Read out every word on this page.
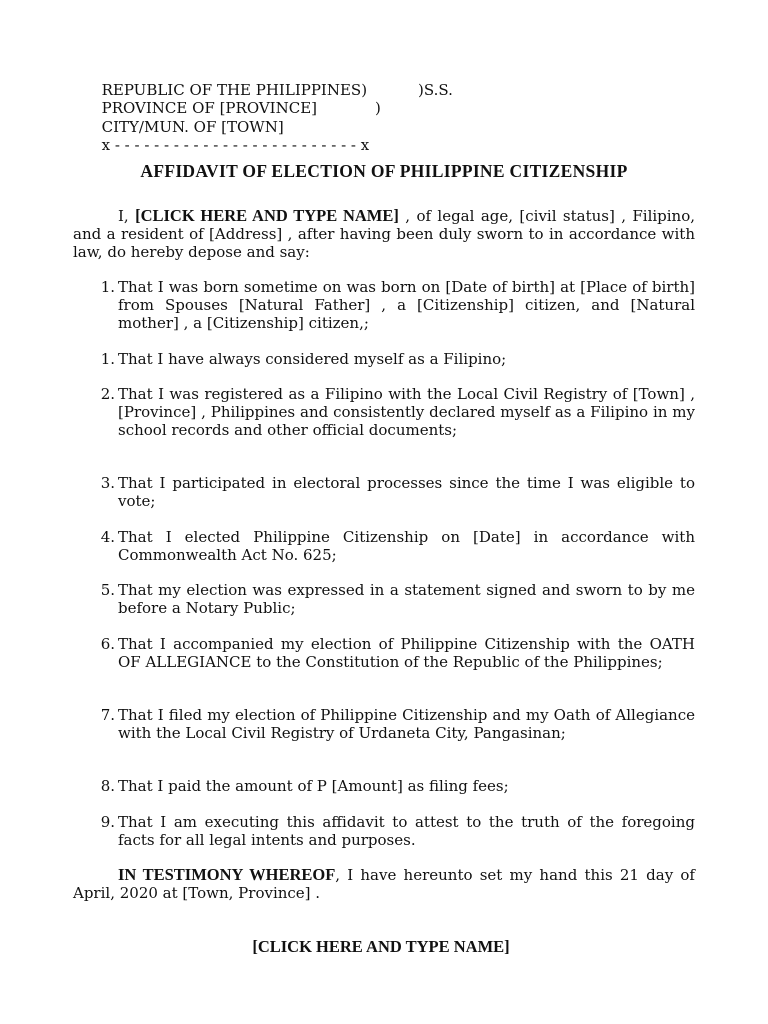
REPUBLIC OF THE PHILIPPINES)

PROVINCE OF [PROVINCE]

)S.S.

CITY/MUN. OF [TOWN]

)

x - - - - - - - - - - - - - - - - - - - - - - - - - x

AFFIDAVIT OF ELECTION OF PHILIPPINE CITIZENSHIP
I, [CLICK HERE AND TYPE NAME] , of legal age, [civil status] , Filipino, and a resident of [Address] , after having been duly sworn to in accordance with law, do hereby depose and say:
1. That I was born sometime on was born on [Date of birth] at [Place of birth] from Spouses [Natural Father] , a [Citizenship] citizen, and [Natural mother] , a [Citizenship] citizen,;
1. That I have always considered myself as a Filipino;
2. That I was registered as a Filipino with the Local Civil Registry of [Town] , [Province] , Philippines and consistently declared myself as a Filipino in my school records and other official documents;
3. That I participated in electoral processes since the time I was eligible to vote;
4. That I elected Philippine Citizenship on [Date] in accordance with Commonwealth Act No. 625;
5. That my election was expressed in a statement signed and sworn to by me before a Notary Public;
6. That I accompanied my election of Philippine Citizenship with the OATH OF ALLEGIANCE to the Constitution of the Republic of the Philippines;
7. That I filed my election of Philippine Citizenship and my Oath of Allegiance with the Local Civil Registry of Urdaneta City, Pangasinan;
8. That I paid the amount of P [Amount] as filing fees;
9. That I am executing this affidavit to attest to the truth of the foregoing facts for all legal intents and purposes.
IN TESTIMONY WHEREOF, I have hereunto set my hand this 21 day of April, 2020 at [Town, Province] .
[CLICK HERE AND TYPE NAME]
